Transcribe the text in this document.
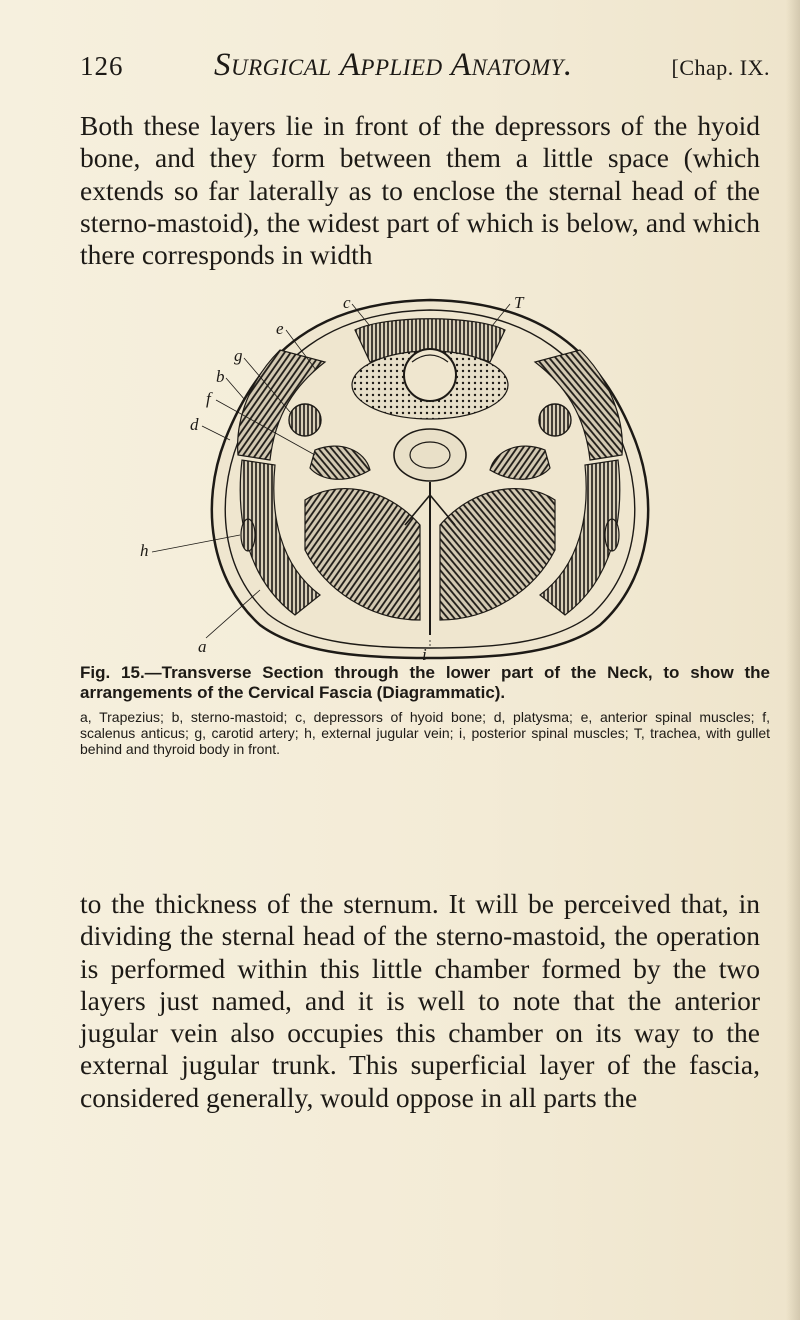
126	Surgical Applied Anatomy.	[Chap. IX.

Both these layers lie in front of the depressors of the hyoid bone, and they form between them a little space (which extends so far laterally as to enclose the sternal head of the sterno-mastoid), the widest part of which is below, and which there corresponds in width

c	T
e
g
b
f
d
h
a	i

Fig. 15.—Transverse Section through the lower part of the Neck, to show the arrangements of the Cervical Fascia (Diagrammatic).

a, Trapezius; b, sterno-mastoid; c, depressors of hyoid bone; d, platysma; e, anterior spinal muscles; f, scalenus anticus; g, carotid artery; h, external jugular vein; i, posterior spinal muscles; T, trachea, with gullet behind and thyroid body in front.

to the thickness of the sternum. It will be perceived that, in dividing the sternal head of the sterno-mastoid, the operation is performed within this little chamber formed by the two layers just named, and it is well to note that the anterior jugular vein also occupies this chamber on its way to the external jugular trunk. This superficial layer of the fascia, considered generally, would oppose in all parts the
